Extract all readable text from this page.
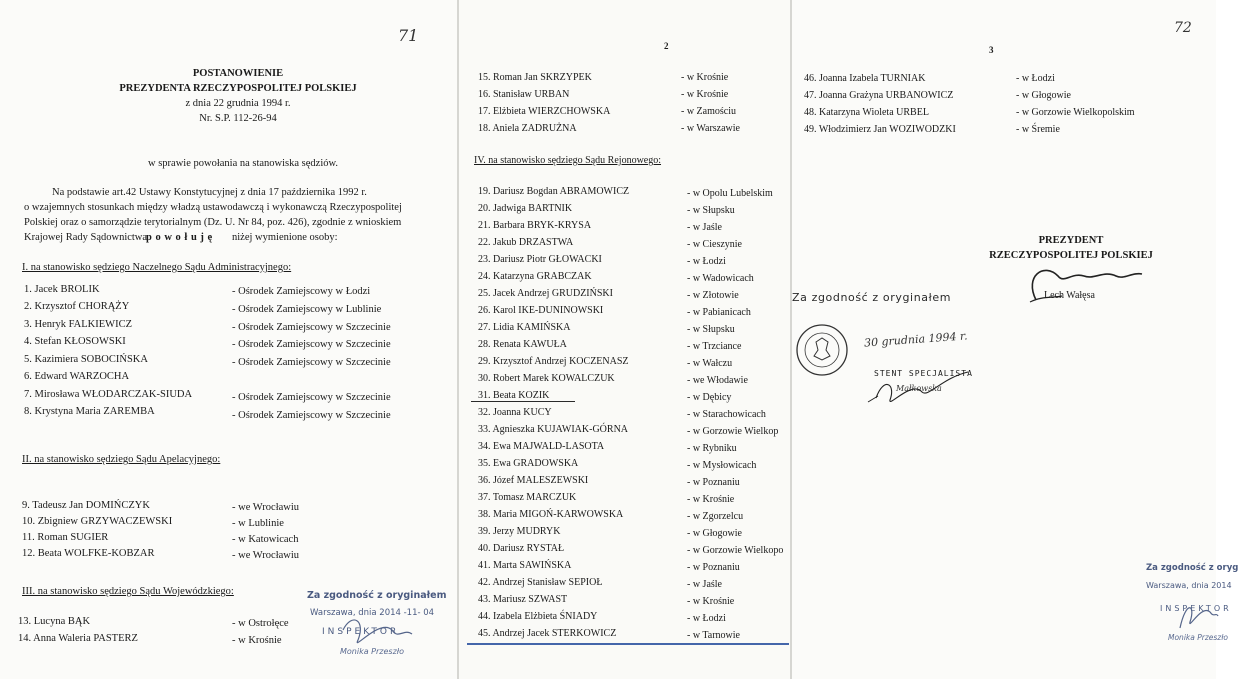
71
POSTANOWIENIE
PREZYDENTA RZECZYPOSPOLITEJ POLSKIEJ
z dnia 22 grudnia 1994 r.
Nr. S.P. 112-26-94
w sprawie powołania na stanowiska sędziów.
Na podstawie art.42 Ustawy Konstytucyjnej z dnia 17 października 1992 r.
o wzajemnych stosunkach między władzą ustawodawczą i wykonawczą Rzeczypospolitej
Polskiej oraz o samorządzie terytorialnym (Dz. U. Nr 84, poz. 426), zgodnie z wnioskiem
Krajowej Rady Sądownictwa
p o w o ł u j ę niżej wymienione osoby:
I. na stanowisko sędziego Naczelnego Sądu Administracyjnego:
1. Jacek BROLIK	- Ośrodek Zamiejscowy w Łodzi
2. Krzysztof CHORĄŻY	- Ośrodek Zamiejscowy w Lublinie
3. Henryk FALKIEWICZ	- Ośrodek Zamiejscowy w Szczecinie
4. Stefan KŁOSOWSKI	- Ośrodek Zamiejscowy w Szczecinie
5. Kazimiera SOBOCIŃSKA	- Ośrodek Zamiejscowy w Szczecinie
6. Edward WARZOCHA
7. Mirosława WŁODARCZAK-SIUDA	- Ośrodek Zamiejscowy w Szczecinie
8. Krystyna Maria ZAREMBA	- Ośrodek Zamiejscowy w Szczecinie
II. na stanowisko sędziego Sądu Apelacyjnego:
9. Tadeusz Jan DOMIŃCZYK	- we Wrocławiu
10. Zbigniew GRZYWACZEWSKI	- w Lublinie
11. Roman SUGIER	- w Katowicach
12. Beata WOLFKE-KOBZAR	- we Wrocławiu
III. na stanowisko sędziego Sądu Wojewódzkiego:
13. Lucyna BĄK	- w Ostrołęce
14. Anna Waleria PASTERZ	- w Krośnie
Za zgodność z oryginałem
Warszawa, dnia 2014 -11- 04
INSPEKTOR
Monika Przeszło
2
15. Roman Jan SKRZYPEK	- w Krośnie
16. Stanisław URBAN	- w Krośnie
17. Elżbieta WIERZCHOWSKA	- w Zamościu
18. Aniela ZADRUŻNA	- w Warszawie
IV. na stanowisko sędziego Sądu Rejonowego:
19. Dariusz Bogdan ABRAMOWICZ	- w Opolu Lubelskim
20. Jadwiga BARTNIK	- w Słupsku
21. Barbara BRYK-KRYSA	- w Jaśle
22. Jakub DRZASTWA	- w Cieszynie
23. Dariusz Piotr GŁOWACKI	- w Łodzi
24. Katarzyna GRABCZAK	- w Wadowicach
25. Jacek Andrzej GRUDZIŃSKI	- w Złotowie
26. Karol IKE-DUNINOWSKI	- w Pabianicach
27. Lidia KAMIŃSKA	- w Słupsku
28. Renata KAWUŁA	- w Trzciance
29. Krzysztof Andrzej KOCZENASZ	- w Wałczu
30. Robert Marek KOWALCZUK	- we Włodawie
31. Beata KOZIK	- w Dębicy
32. Joanna KUCY	- w Starachowicach
33. Agnieszka KUJAWIAK-GÓRNA	- w Gorzowie Wielkop
34. Ewa MAJWALD-LASOTA	- w Rybniku
35. Ewa GRADOWSKA	- w Mysłowicach
36. Józef MALESZEWSKI	- w Poznaniu
37. Tomasz MARCZUK	- w Krośnie
38. Maria MIGOŃ-KARWOWSKA	- w Zgorzelcu
39. Jerzy MUDRYK	- w Głogowie
40. Dariusz RYSTAŁ	- w Gorzowie Wielkopo
41. Marta SAWIŃSKA	- w Poznaniu
42. Andrzej Stanisław SEPIOŁ	- w Jaśle
43. Mariusz SZWAST	- w Krośnie
44. Izabela Elżbieta ŚNIADY	- w Łodzi
45. Andrzej Jacek STERKOWICZ	- w Tarnowie
3
72
46. Joanna Izabela TURNIAK	- w Łodzi
47. Joanna Grażyna URBANOWICZ	- w Głogowie
48. Katarzyna Wioleta URBEL	- w Gorzowie Wielkopolskim
49. Włodzimierz Jan WOZIWODZKI	- w Śremie
PREZYDENT
RZECZYPOSPOLITEJ POLSKIEJ
Lech Wałęsa
Za zgodność z oryginałem
30 grudnia 1994 r.
STENT SPECJALISTA
Małkowska
Za zgodność z oryg
Warszawa, dnia 2014
INSPEKTOR
Monika Przeszło
